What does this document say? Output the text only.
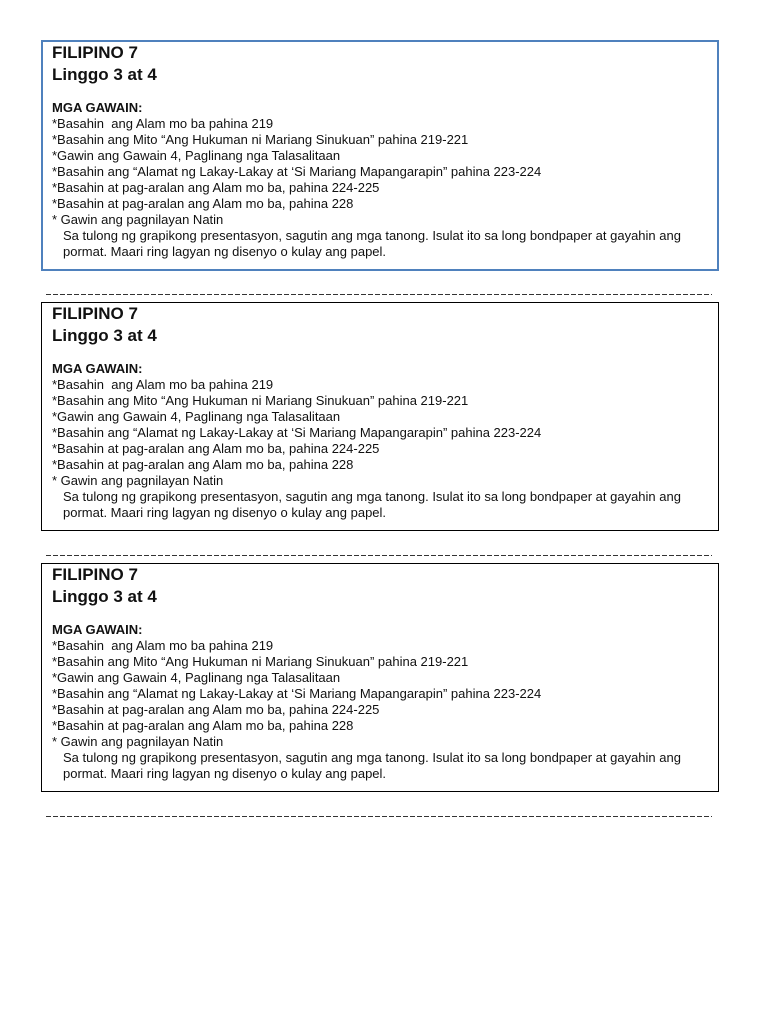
FILIPINO 7
Linggo 3 at 4
MGA GAWAIN:
*Basahin  ang Alam mo ba pahina 219
*Basahin ang Mito “Ang Hukuman ni Mariang Sinukuan” pahina 219-221
*Gawin ang Gawain 4, Paglinang nga Talasalitaan
*Basahin ang “Alamat ng Lakay-Lakay at ‘Si Mariang Mapangarapin” pahina 223-224
*Basahin at pag-aralan ang Alam mo ba, pahina 224-225
*Basahin at pag-aralan ang Alam mo ba, pahina 228
* Gawin ang pagnilayan Natin
Sa tulong ng grapikong presentasyon, sagutin ang mga tanong. Isulat ito sa long bondpaper at gayahin ang
pormat. Maari ring lagyan ng disenyo o kulay ang papel.
FILIPINO 7
Linggo 3 at 4
MGA GAWAIN:
*Basahin  ang Alam mo ba pahina 219
*Basahin ang Mito “Ang Hukuman ni Mariang Sinukuan” pahina 219-221
*Gawin ang Gawain 4, Paglinang nga Talasalitaan
*Basahin ang “Alamat ng Lakay-Lakay at ‘Si Mariang Mapangarapin” pahina 223-224
*Basahin at pag-aralan ang Alam mo ba, pahina 224-225
*Basahin at pag-aralan ang Alam mo ba, pahina 228
* Gawin ang pagnilayan Natin
Sa tulong ng grapikong presentasyon, sagutin ang mga tanong. Isulat ito sa long bondpaper at gayahin ang
pormat. Maari ring lagyan ng disenyo o kulay ang papel.
FILIPINO 7
Linggo 3 at 4
MGA GAWAIN:
*Basahin  ang Alam mo ba pahina 219
*Basahin ang Mito “Ang Hukuman ni Mariang Sinukuan” pahina 219-221
*Gawin ang Gawain 4, Paglinang nga Talasalitaan
*Basahin ang “Alamat ng Lakay-Lakay at ‘Si Mariang Mapangarapin” pahina 223-224
*Basahin at pag-aralan ang Alam mo ba, pahina 224-225
*Basahin at pag-aralan ang Alam mo ba, pahina 228
* Gawin ang pagnilayan Natin
Sa tulong ng grapikong presentasyon, sagutin ang mga tanong. Isulat ito sa long bondpaper at gayahin ang
pormat. Maari ring lagyan ng disenyo o kulay ang papel.
